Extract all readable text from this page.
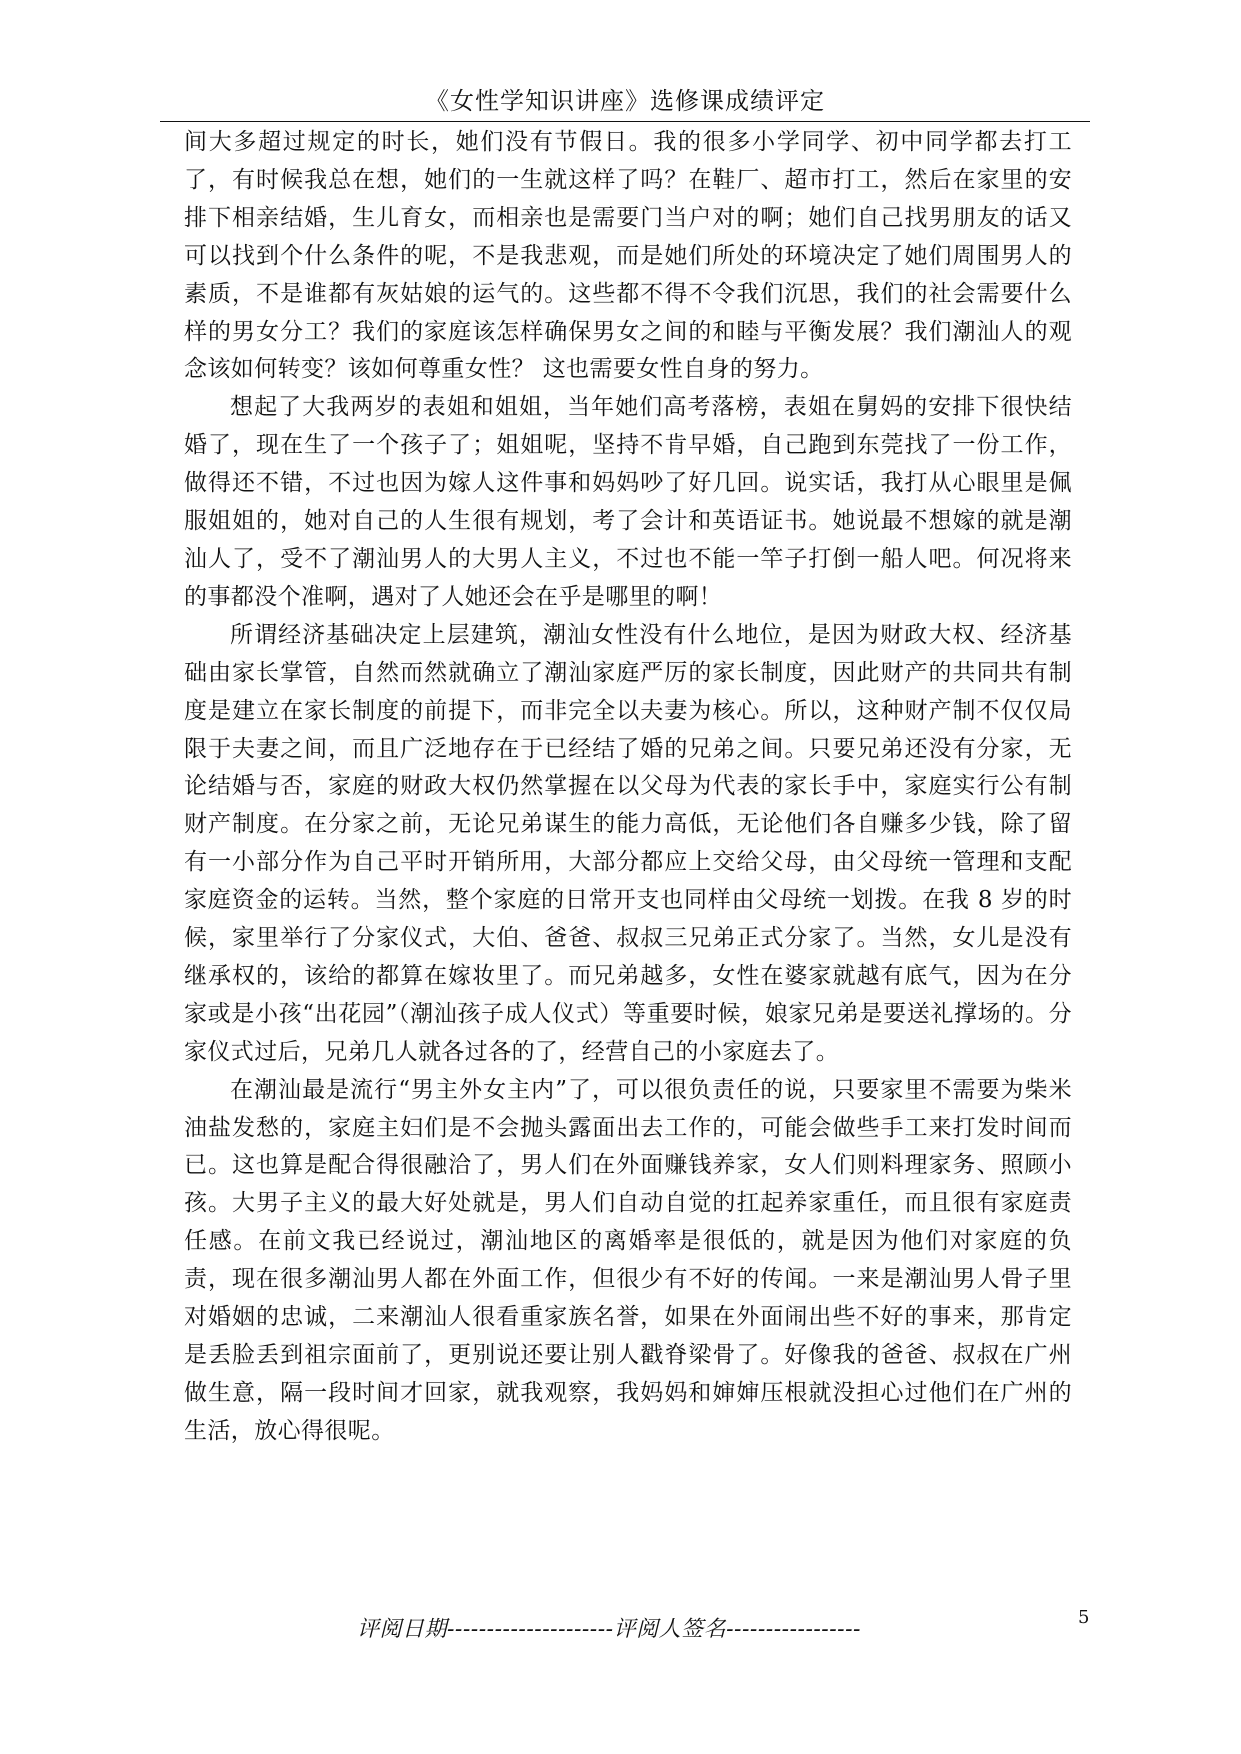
《女性学知识讲座》选修课成绩评定

间大多超过规定的时长，她们没有节假日。我的很多小学同学、初中同学都去打工了，有时候我总在想，她们的一生就这样了吗？在鞋厂、超市打工，然后在家里的安排下相亲结婚，生儿育女，而相亲也是需要门当户对的啊；她们自己找男朋友的话又可以找到个什么条件的呢，不是我悲观，而是她们所处的环境决定了她们周围男人的素质，不是谁都有灰姑娘的运气的。这些都不得不令我们沉思，我们的社会需要什么样的男女分工？我们的家庭该怎样确保男女之间的和睦与平衡发展？我们潮汕人的观念该如何转变？该如何尊重女性？ 这也需要女性自身的努力。

想起了大我两岁的表姐和姐姐，当年她们高考落榜，表姐在舅妈的安排下很快结婚了，现在生了一个孩子了；姐姐呢，坚持不肯早婚，自己跑到东莞找了一份工作，做得还不错，不过也因为嫁人这件事和妈妈吵了好几回。说实话，我打从心眼里是佩服姐姐的，她对自己的人生很有规划，考了会计和英语证书。她说最不想嫁的就是潮汕人了，受不了潮汕男人的大男人主义，不过也不能一竿子打倒一船人吧。何况将来的事都没个准啊，遇对了人她还会在乎是哪里的啊！

所谓经济基础决定上层建筑，潮汕女性没有什么地位，是因为财政大权、经济基础由家长掌管，自然而然就确立了潮汕家庭严厉的家长制度，因此财产的共同共有制度是建立在家长制度的前提下，而非完全以夫妻为核心。所以，这种财产制不仅仅局限于夫妻之间，而且广泛地存在于已经结了婚的兄弟之间。只要兄弟还没有分家，无论结婚与否，家庭的财政大权仍然掌握在以父母为代表的家长手中，家庭实行公有制财产制度。在分家之前，无论兄弟谋生的能力高低，无论他们各自赚多少钱，除了留有一小部分作为自己平时开销所用，大部分都应上交给父母，由父母统一管理和支配家庭资金的运转。当然，整个家庭的日常开支也同样由父母统一划拨。在我 8 岁的时候，家里举行了分家仪式，大伯、爸爸、叔叔三兄弟正式分家了。当然，女儿是没有继承权的，该给的都算在嫁妆里了。而兄弟越多，女性在婆家就越有底气，因为在分家或是小孩“出花园”（潮汕孩子成人仪式）等重要时候，娘家兄弟是要送礼撑场的。分家仪式过后，兄弟几人就各过各的了，经营自己的小家庭去了。

在潮汕最是流行“男主外女主内”了，可以很负责任的说，只要家里不需要为柴米油盐发愁的，家庭主妇们是不会抛头露面出去工作的，可能会做些手工来打发时间而已。这也算是配合得很融洽了，男人们在外面赚钱养家，女人们则料理家务、照顾小孩。大男子主义的最大好处就是，男人们自动自觉的扛起养家重任，而且很有家庭责任感。在前文我已经说过，潮汕地区的离婚率是很低的，就是因为他们对家庭的负责，现在很多潮汕男人都在外面工作，但很少有不好的传闻。一来是潮汕男人骨子里对婚姻的忠诚，二来潮汕人很看重家族名誉，如果在外面闹出些不好的事来，那肯定是丢脸丢到祖宗面前了，更别说还要让别人戳脊梁骨了。好像我的爸爸、叔叔在广州做生意，隔一段时间才回家，就我观察，我妈妈和婶婶压根就没担心过他们在广州的生活，放心得很呢。

评阅日期---------------------评阅人签名-----------------	5
